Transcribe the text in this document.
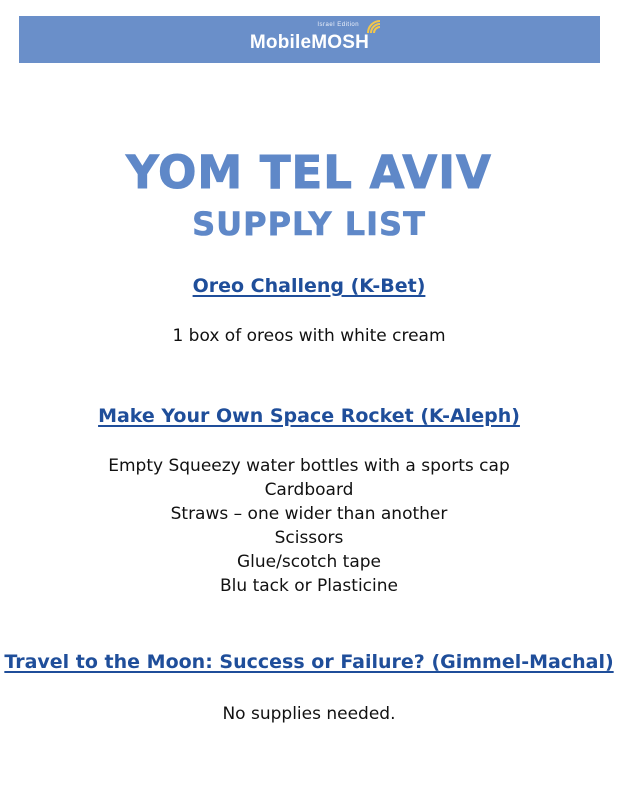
MobileMOSH
Israel Edition
YOM TEL AVIV
SUPPLY LIST
Oreo Challeng (K-Bet)
1 box of oreos with white cream
Make Your Own Space Rocket (K-Aleph)
Empty Squeezy water bottles with a sports cap
Cardboard
Straws – one wider than another
Scissors
Glue/scotch tape
Blu tack or Plasticine
Travel to the Moon: Success or Failure? (Gimmel-Machal)
No supplies needed.
